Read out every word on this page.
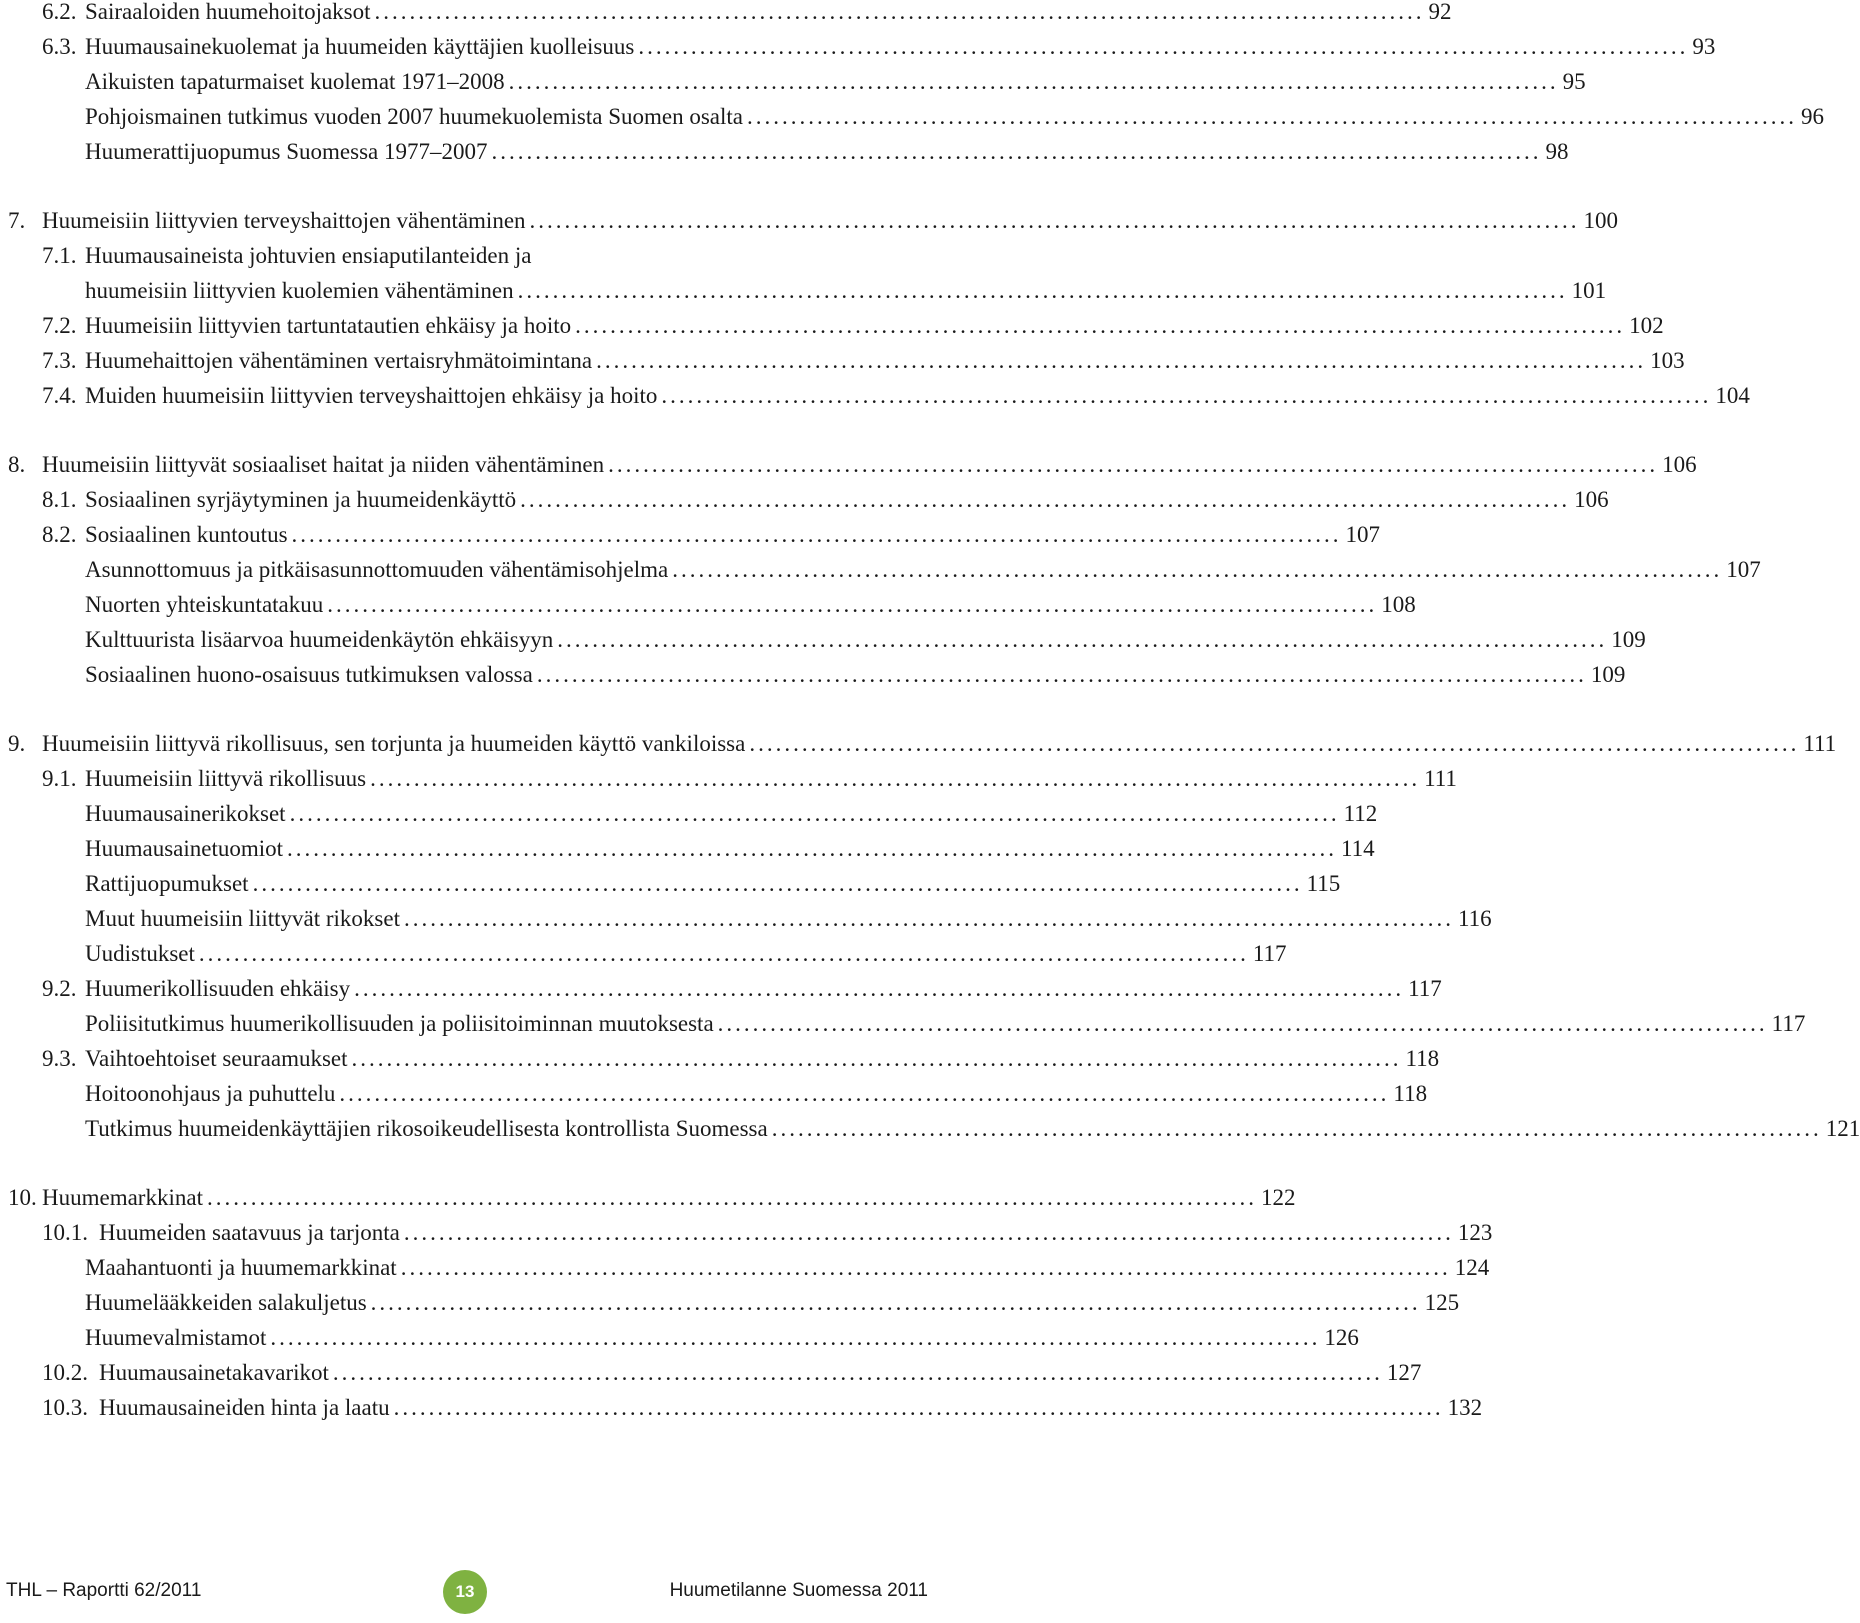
6.2. Sairaaloiden huumehoitojaksot ........................................................................................................................ 92
6.3. Huumausainekuolemat ja huumeiden käyttäjien kuolleisuus ........................................................................................................................ 93
Aikuisten tapaturmaiset kuolemat 1971–2008 ........................................................................................................................ 95
Pohjoismainen tutkimus vuoden 2007 huumekuolemista Suomen osalta ........................................................................................................................ 96
Huumerattijuopumus Suomessa 1977–2007 ........................................................................................................................ 98
7. Huumeisiin liittyvien terveyshaittojen vähentäminen ........................................................................................................................ 100
7.1. Huumausaineista johtuvien ensiaputilanteiden ja
huumeisiin liittyvien kuolemien vähentäminen ........................................................................................................................ 101
7.2. Huumeisiin liittyvien tartuntatautien ehkäisy ja hoito ........................................................................................................................ 102
7.3. Huumehaittojen vähentäminen vertaisryhmätoimintana ........................................................................................................................ 103
7.4. Muiden huumeisiin liittyvien terveyshaittojen ehkäisy ja hoito ........................................................................................................................ 104
8. Huumeisiin liittyvät sosiaaliset haitat ja niiden vähentäminen ........................................................................................................................ 106
8.1. Sosiaalinen syrjäytyminen ja huumeidenkäyttö ........................................................................................................................ 106
8.2. Sosiaalinen kuntoutus ........................................................................................................................ 107
Asunnottomuus ja pitkäisasunnottomuuden vähentämisohjelma ........................................................................................................................ 107
Nuorten yhteiskuntatakuu ........................................................................................................................ 108
Kulttuurista lisäarvoa huumeidenkäytön ehkäisyyn ........................................................................................................................ 109
Sosiaalinen huono-osaisuus tutkimuksen valossa ........................................................................................................................ 109
9. Huumeisiin liittyvä rikollisuus, sen torjunta ja huumeiden käyttö vankiloissa ........................................................................................................................ 111
9.1. Huumeisiin liittyvä rikollisuus ........................................................................................................................ 111
Huumausainerikokset ........................................................................................................................ 112
Huumausainetuomiot ........................................................................................................................ 114
Rattijuopumukset ........................................................................................................................ 115
Muut huumeisiin liittyvät rikokset ........................................................................................................................ 116
Uudistukset ........................................................................................................................ 117
9.2. Huumerikollisuuden ehkäisy ........................................................................................................................ 117
Poliisitutkimus huumerikollisuuden ja poliisitoiminnan muutoksesta ........................................................................................................................ 117
9.3. Vaihtoehtoiset seuraamukset ........................................................................................................................ 118
Hoitoonohjaus ja puhuttelu ........................................................................................................................ 118
Tutkimus huumeidenkäyttäjien rikosoikeudellisesta kontrollista Suomessa ........................................................................................................................ 121
10. Huumemarkkinat ........................................................................................................................ 122
10.1. Huumeiden saatavuus ja tarjonta ........................................................................................................................ 123
Maahantuonti ja huumemarkkinat ........................................................................................................................ 124
Huumelääkkeiden salakuljetus ........................................................................................................................ 125
Huumevalmistamot ........................................................................................................................ 126
10.2. Huumausainetakavarikot ........................................................................................................................ 127
10.3. Huumausaineiden hinta ja laatu ........................................................................................................................ 132
THL – Raportti 62/2011	13	Huumetilanne Suomessa 2011
